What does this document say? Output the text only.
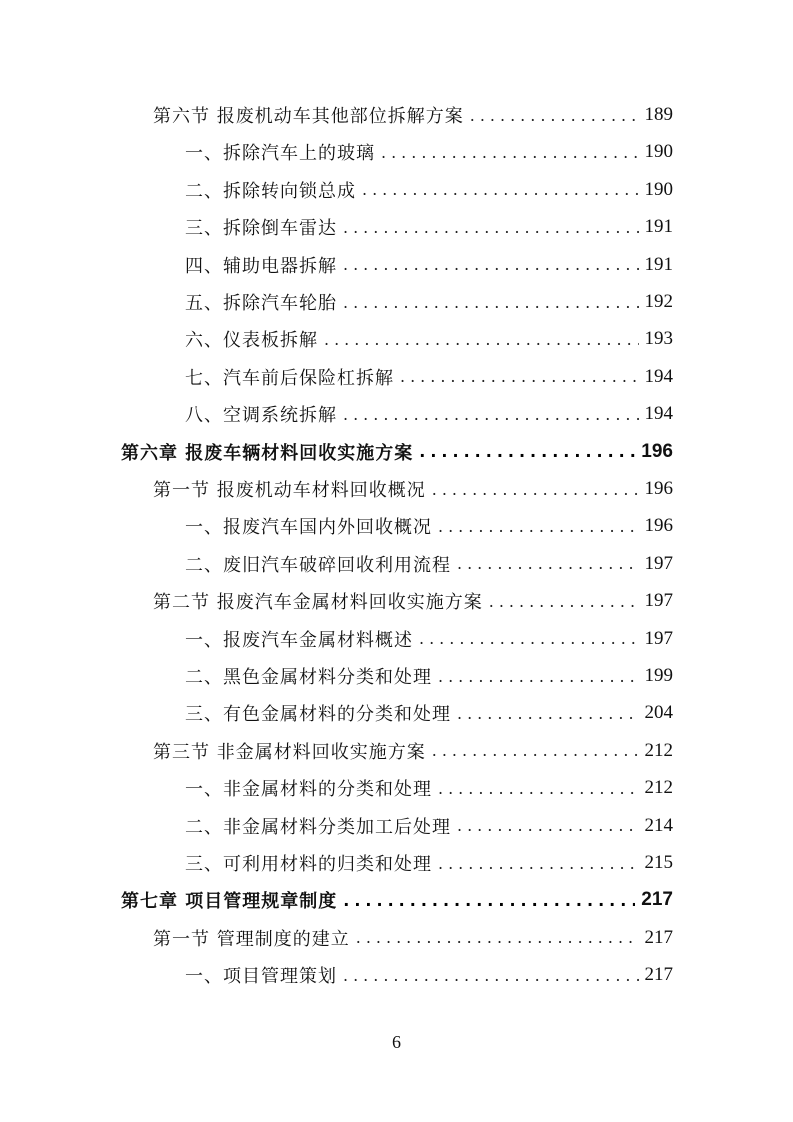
第六节 报废机动车其他部位拆解方案 .....	189
一、拆除汽车上的玻璃 .....	190
二、拆除转向锁总成 .....	190
三、拆除倒车雷达 .....	191
四、辅助电器拆解 .....	191
五、拆除汽车轮胎 .....	192
六、仪表板拆解 .....	193
七、汽车前后保险杠拆解 .....	194
八、空调系统拆解 .....	194
第六章 报废车辆材料回收实施方案 .....	196
第一节 报废机动车材料回收概况 .....	196
一、报废汽车国内外回收概况 .....	196
二、废旧汽车破碎回收利用流程 .....	197
第二节 报废汽车金属材料回收实施方案 .....	197
一、报废汽车金属材料概述 .....	197
二、黑色金属材料分类和处理 .....	199
三、有色金属材料的分类和处理 .....	204
第三节 非金属材料回收实施方案 .....	212
一、非金属材料的分类和处理 .....	212
二、非金属材料分类加工后处理 .....	214
三、可利用材料的归类和处理 .....	215
第七章 项目管理规章制度 .....	217
第一节 管理制度的建立 .....	217
一、项目管理策划 .....	217
6
